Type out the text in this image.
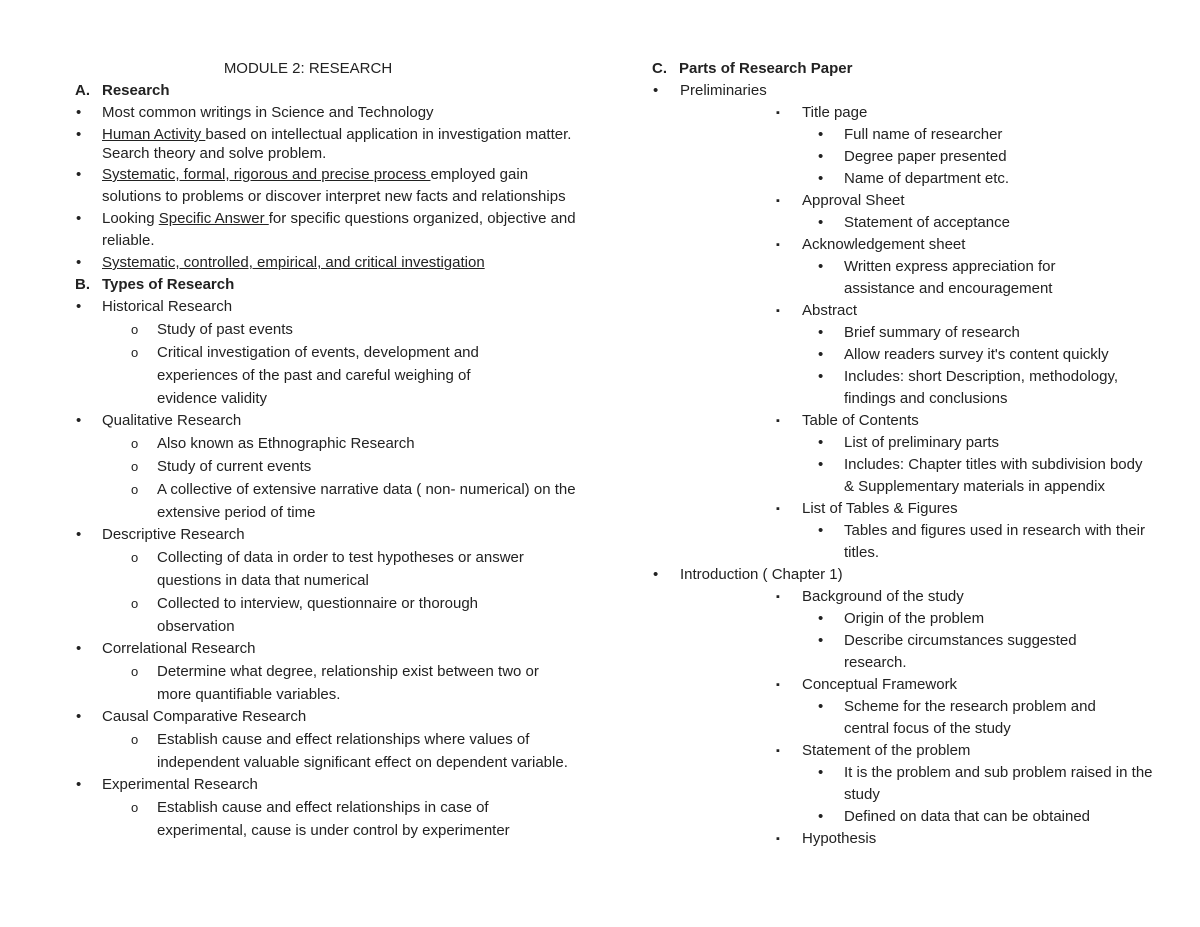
MODULE 2: RESEARCH
A. Research
• Most common writings in Science and Technology
• Human Activity based on intellectual application in investigation matter. Search theory and solve problem.
• Systematic, formal, rigorous and precise process employed gain solutions to problems or discover interpret new facts and relationships
• Looking Specific Answer for specific questions organized, objective and reliable.
• Systematic, controlled, empirical, and critical investigation
B. Types of Research
• Historical Research
o Study of past events
o Critical investigation of events, development and experiences of the past and careful weighing of evidence validity
• Qualitative Research
o Also known as Ethnographic Research
o Study of current events
o A collective of extensive narrative data ( non- numerical) on the extensive period of time
• Descriptive Research
o Collecting of data in order to test hypotheses or answer questions in data that numerical
o Collected to interview, questionnaire or thorough observation
• Correlational Research
o Determine what degree, relationship exist between two or more quantifiable variables.
• Causal Comparative Research
o Establish cause and effect relationships where values of independent valuable significant effect on dependent variable.
• Experimental Research
o Establish cause and effect relationships in case of experimental, cause is under control by experimenter
C. Parts of Research Paper
• Preliminaries
▪ Title page
• Full name of researcher
• Degree paper presented
• Name of department etc.
▪ Approval Sheet
• Statement of acceptance
▪ Acknowledgement sheet
• Written express appreciation for assistance and encouragement
▪ Abstract
• Brief summary of research
• Allow readers survey it's content quickly
• Includes: short Description, methodology, findings and conclusions
▪ Table of Contents
• List of preliminary parts
• Includes: Chapter titles with subdivision body & Supplementary materials in appendix
▪ List of Tables & Figures
• Tables and figures used in research with their titles.
• Introduction ( Chapter 1)
▪ Background of the study
• Origin of the problem
• Describe circumstances suggested research.
▪ Conceptual Framework
• Scheme for the research problem and central focus of the study
▪ Statement of the problem
• It is the problem and sub problem raised in the study
• Defined on data that can be obtained
▪ Hypothesis
